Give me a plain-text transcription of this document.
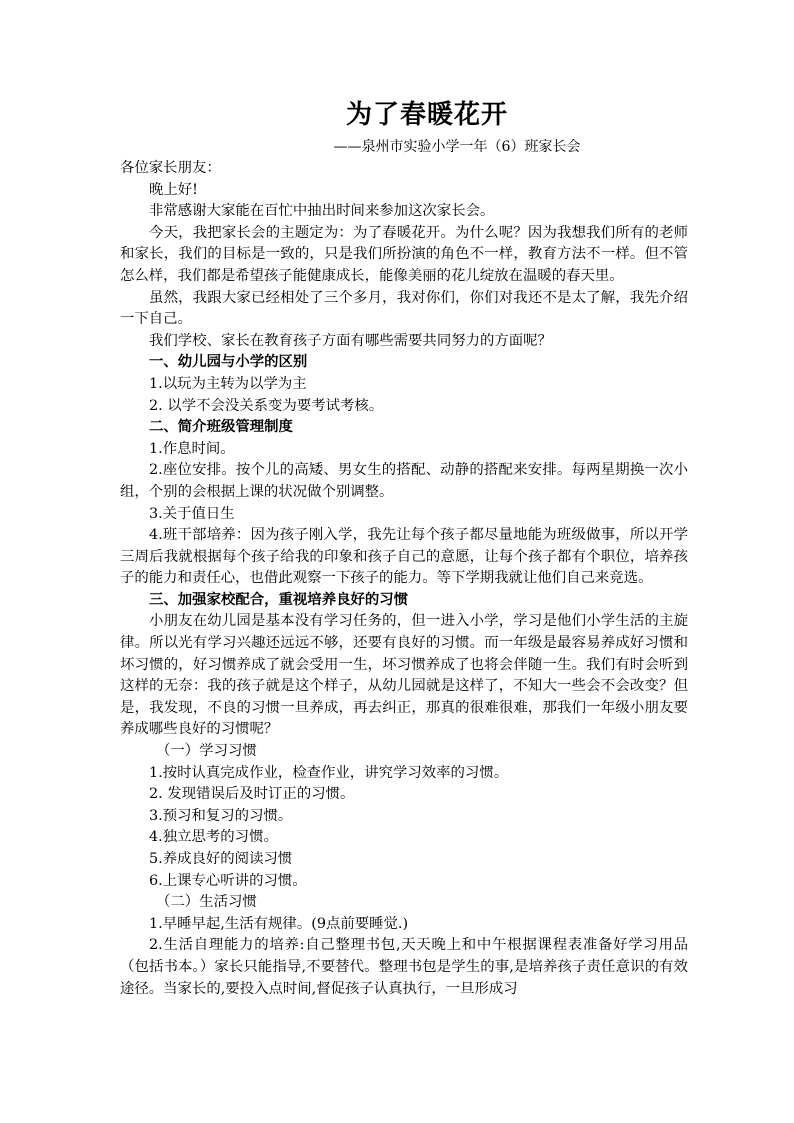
为了春暖花开
——泉州市实验小学一年（6）班家长会

各位家长朋友：

晚上好!

非常感谢大家能在百忙中抽出时间来参加这次家长会。

今天，我把家长会的主题定为：为了春暖花开。为什么呢？因为我想我们所有的老师和家长，我们的目标是一致的，只是我们所扮演的角色不一样，教育方法不一样。但不管怎么样，我们都是希望孩子能健康成长，能像美丽的花儿绽放在温暖的春天里。

虽然，我跟大家已经相处了三个多月，我对你们，你们对我还不是太了解，我先介绍一下自己。

我们学校、家长在教育孩子方面有哪些需要共同努力的方面呢？

一、幼儿园与小学的区别

1.以玩为主转为以学为主

2. 以学不会没关系变为要考试考核。

二、简介班级管理制度

1.作息时间。

2.座位安排。按个儿的高矮、男女生的搭配、动静的搭配来安排。每两星期换一次小组，个别的会根据上课的状况做个别调整。

3.关于值日生

4.班干部培养：因为孩子刚入学，我先让每个孩子都尽量地能为班级做事，所以开学三周后我就根据每个孩子给我的印象和孩子自己的意愿，让每个孩子都有个职位，培养孩子的能力和责任心，也借此观察一下孩子的能力。等下学期我就让他们自己来竞选。

三、加强家校配合，重视培养良好的习惯

小朋友在幼儿园是基本没有学习任务的，但一进入小学，学习是他们小学生活的主旋律。所以光有学习兴趣还远远不够，还要有良好的习惯。而一年级是最容易养成好习惯和坏习惯的，好习惯养成了就会受用一生，坏习惯养成了也将会伴随一生。我们有时会听到这样的无奈：我的孩子就是这个样子，从幼儿园就是这样了，不知大一些会不会改变？但是，我发现，不良的习惯一旦养成，再去纠正，那真的很难很难，那我们一年级小朋友要养成哪些良好的习惯呢？

（一）学习习惯

1.按时认真完成作业，检查作业，讲究学习效率的习惯。

2. 发现错误后及时订正的习惯。

3.预习和复习的习惯。

4.独立思考的习惯。

5.养成良好的阅读习惯

6.上课专心听讲的习惯。

（二）生活习惯

1.早睡早起,生活有规律。(9点前要睡觉.)

2.生活自理能力的培养:自己整理书包,天天晚上和中午根据课程表准备好学习用品（包括书本。）家长只能指导,不要替代。整理书包是学生的事,是培养孩子责任意识的有效途径。当家长的,要投入点时间,督促孩子认真执行，一旦形成习
